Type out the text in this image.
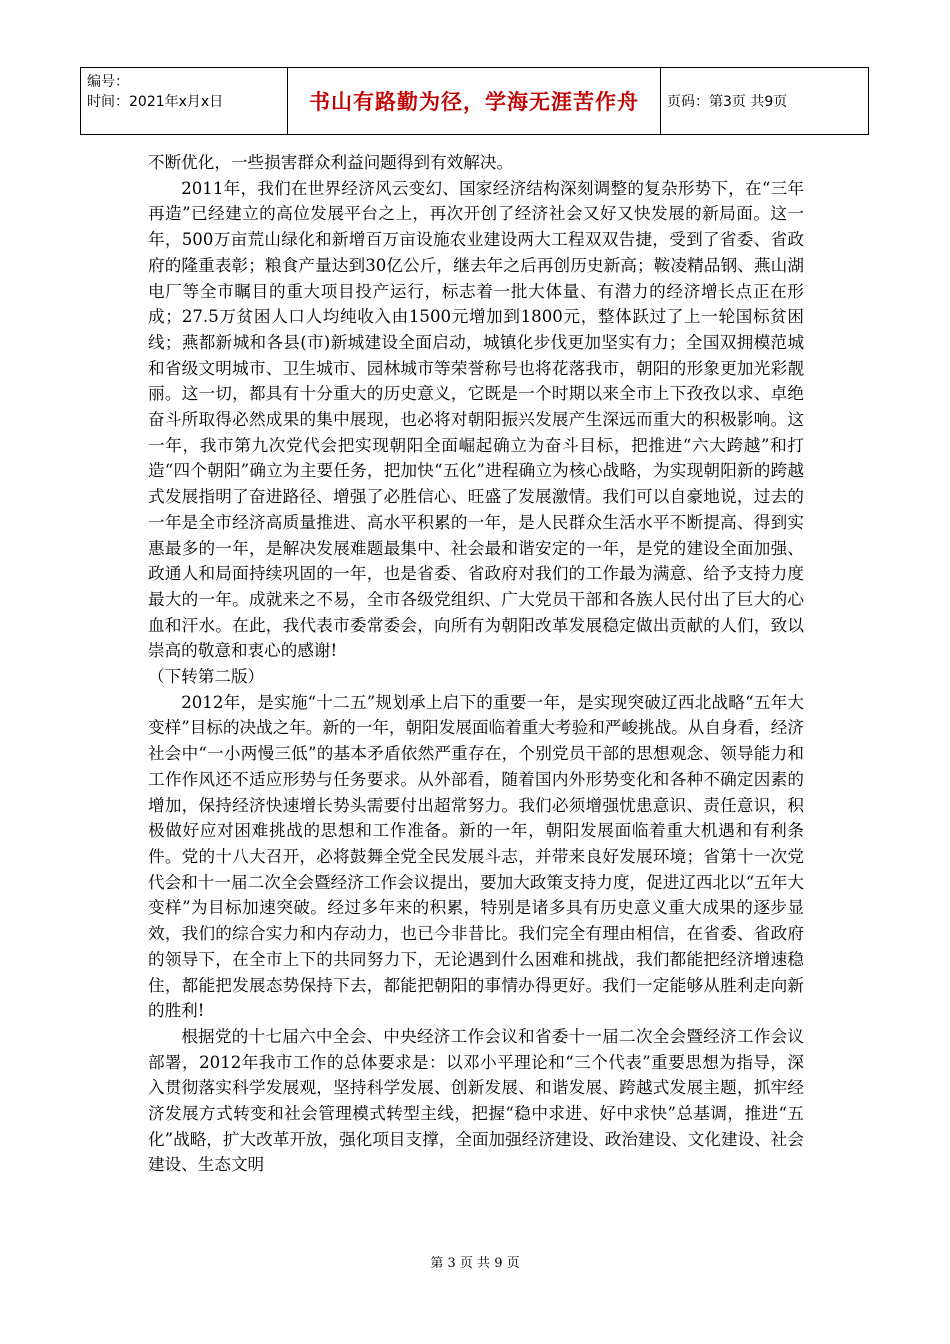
编号：
时间：2021年x月x日	书山有路勤为径，学海无涯苦作舟	页码：第3页 共9页

不断优化，一些损害群众利益问题得到有效解决。

2011年，我们在世界经济风云变幻、国家经济结构深刻调整的复杂形势下，在“三年再造”已经建立的高位发展平台之上，再次开创了经济社会又好又快发展的新局面。这一年，500万亩荒山绿化和新增百万亩设施农业建设两大工程双双告捷，受到了省委、省政府的隆重表彰；粮食产量达到30亿公斤，继去年之后再创历史新高；鞍凌精品钢、燕山湖电厂等全市瞩目的重大项目投产运行，标志着一批大体量、有潜力的经济增长点正在形成；27.5万贫困人口人均纯收入由1500元增加到1800元，整体跃过了上一轮国标贫困线；燕都新城和各县(市)新城建设全面启动，城镇化步伐更加坚实有力；全国双拥模范城和省级文明城市、卫生城市、园林城市等荣誉称号也将花落我市，朝阳的形象更加光彩靓丽。这一切，都具有十分重大的历史意义，它既是一个时期以来全市上下孜孜以求、卓绝奋斗所取得必然成果的集中展现，也必将对朝阳振兴发展产生深远而重大的积极影响。这一年，我市第九次党代会把实现朝阳全面崛起确立为奋斗目标，把推进“六大跨越”和打造“四个朝阳”确立为主要任务，把加快“五化”进程确立为核心战略，为实现朝阳新的跨越式发展指明了奋进路径、增强了必胜信心、旺盛了发展激情。我们可以自豪地说，过去的一年是全市经济高质量推进、高水平积累的一年，是人民群众生活水平不断提高、得到实惠最多的一年，是解决发展难题最集中、社会最和谐安定的一年，是党的建设全面加强、政通人和局面持续巩固的一年，也是省委、省政府对我们的工作最为满意、给予支持力度最大的一年。成就来之不易，全市各级党组织、广大党员干部和各族人民付出了巨大的心血和汗水。在此，我代表市委常委会，向所有为朝阳改革发展稳定做出贡献的人们，致以崇高的敬意和衷心的感谢!

（下转第二版）

2012年，是实施“十二五”规划承上启下的重要一年，是实现突破辽西北战略“五年大变样”目标的决战之年。新的一年，朝阳发展面临着重大考验和严峻挑战。从自身看，经济社会中“一小两慢三低”的基本矛盾依然严重存在，个别党员干部的思想观念、领导能力和工作作风还不适应形势与任务要求。从外部看，随着国内外形势变化和各种不确定因素的增加，保持经济快速增长势头需要付出超常努力。我们必须增强忧患意识、责任意识，积极做好应对困难挑战的思想和工作准备。新的一年，朝阳发展面临着重大机遇和有利条件。党的十八大召开，必将鼓舞全党全民发展斗志，并带来良好发展环境；省第十一次党代会和十一届二次全会暨经济工作会议提出，要加大政策支持力度，促进辽西北以“五年大变样”为目标加速突破。经过多年来的积累，特别是诸多具有历史意义重大成果的逐步显效，我们的综合实力和内存动力，也已今非昔比。我们完全有理由相信，在省委、省政府的领导下，在全市上下的共同努力下，无论遇到什么困难和挑战，我们都能把经济增速稳住，都能把发展态势保持下去，都能把朝阳的事情办得更好。我们一定能够从胜利走向新的胜利!

根据党的十七届六中全会、中央经济工作会议和省委十一届二次全会暨经济工作会议部署，2012年我市工作的总体要求是：以邓小平理论和“三个代表”重要思想为指导，深入贯彻落实科学发展观，坚持科学发展、创新发展、和谐发展、跨越式发展主题，抓牢经济发展方式转变和社会管理模式转型主线，把握“稳中求进、好中求快”总基调，推进“五化”战略，扩大改革开放，强化项目支撑，全面加强经济建设、政治建设、文化建设、社会建设、生态文明

第 3 页 共 9 页
